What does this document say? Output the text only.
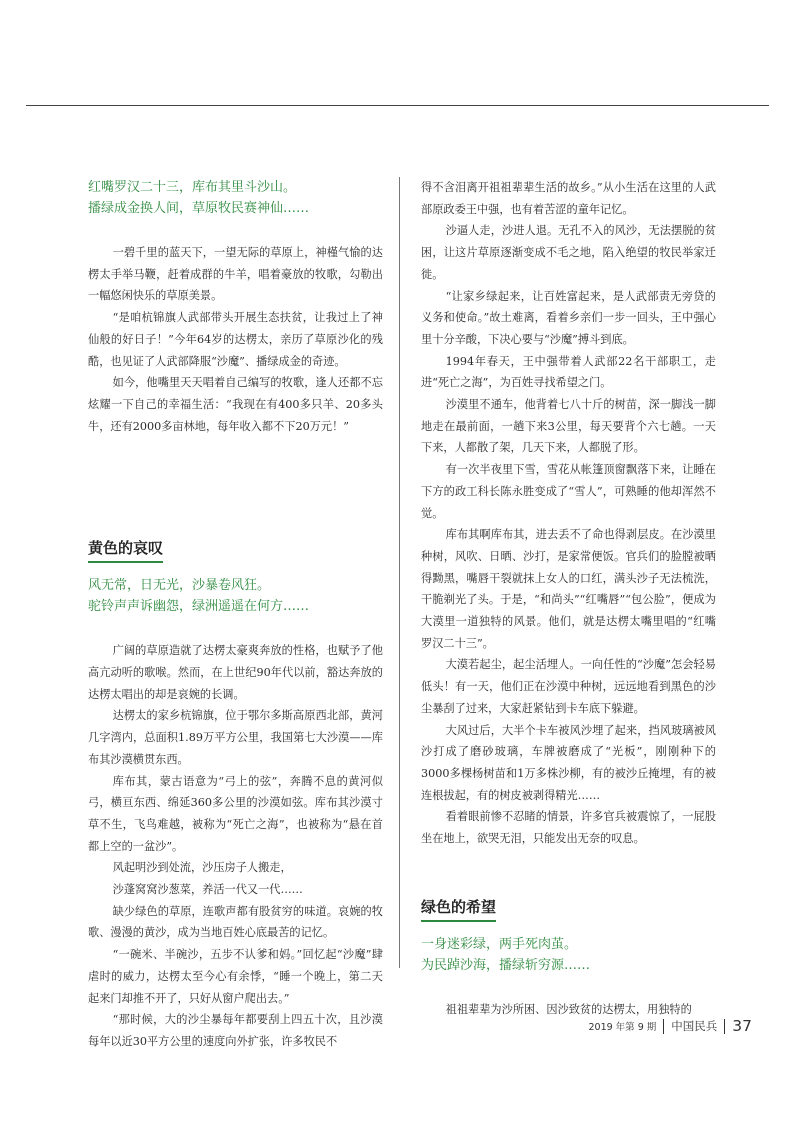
红嘴罗汉二十三，库布其里斗沙山。

播绿成金换人间，草原牧民赛神仙……

一碧千里的蓝天下，一望无际的草原上，神槿气愉的达楞太手举马鞭，赶着成群的牛羊，唱着豪放的牧歌，勾勒出一幅悠闲快乐的草原美景。

“是咱杭锦旗人武部带头开展生态扶贫，让我过上了神仙般的好日子！”今年64岁的达楞太，亲历了草原沙化的残酷，也见证了人武部降服“沙魔”、播绿成金的奇迹。

如今，他嘴里天天唱着自己编写的牧歌，逢人还都不忘炫耀一下自己的幸福生活：“我现在有400多只羊、20多头牛，还有2000多亩林地，每年收入都不下20万元！”

黄色的哀叹

风无常，日无光，沙暴卷风狂。

驼铃声声诉幽怨，绿洲遥遥在何方……

广阔的草原造就了达楞太豪爽奔放的性格，也赋予了他高亢动听的歌喉。然而，在上世纪90年代以前，豁达奔放的达楞太唱出的却是哀婉的长调。

达楞太的家乡杭锦旗，位于鄂尔多斯高原西北部，黄河几字湾内，总面积1.89万平方公里，我国第七大沙漠——库布其沙漠横贯东西。

库布其，蒙古语意为“弓上的弦”，奔腾不息的黄河似弓，横亘东西、绵延360多公里的沙漠如弦。库布其沙漠寸草不生，飞鸟难越，被称为“死亡之海”，也被称为“悬在首都上空的一盆沙”。

风起明沙到处流，沙压房子人搬走，

沙蓬窝窝沙葱菜，养活一代又一代……

缺少绿色的草原，连歌声都有股贫穷的味道。哀婉的牧歌、漫漫的黄沙，成为当地百姓心底最苦的记忆。

“一碗米、半碗沙，五步不认爹和妈。”回忆起“沙魔”肆虐时的威力，达楞太至今心有余悸，“睡一个晚上，第二天起来门却推不开了，只好从窗户爬出去。”

“那时候，大的沙尘暴每年都要刮上四五十次，且沙漠每年以近30平方公里的速度向外扩张，许多牧民不

得不含泪离开祖祖辈辈生活的故乡。”从小生活在这里的人武部原政委王中强，也有着苦涩的童年记忆。

沙逼人走，沙进人退。无孔不入的风沙，无法摆脱的贫困，让这片草原逐渐变成不毛之地，陷入绝望的牧民举家迁徙。

“让家乡绿起来，让百姓富起来，是人武部责无旁贷的义务和使命。”故土难离，看着乡亲们一步一回头，王中强心里十分辛酸，下决心要与“沙魔”搏斗到底。

1994年春天，王中强带着人武部22名干部职工，走进“死亡之海”，为百姓寻找希望之门。

沙漠里不通车，他背着七八十斤的树苗，深一脚浅一脚地走在最前面，一趟下来3公里，每天要背个六七趟。一天下来，人都散了架，几天下来，人都脱了形。

有一次半夜里下雪，雪花从帐篷顶窗飘落下来，让睡在下方的政工科长陈永胜变成了“雪人”，可熟睡的他却浑然不觉。

库布其啊库布其，进去丢不了命也得剥层皮。在沙漠里种树，风吹、日晒、沙打，是家常便饭。官兵们的脸膛被晒得黝黑，嘴唇干裂就抹上女人的口红，满头沙子无法梳洗，干脆剃光了头。于是，“和尚头”“红嘴唇”“包公脸”，便成为大漠里一道独特的风景。他们，就是达楞太嘴里唱的“红嘴罗汉二十三”。

大漠若起尘，起尘活埋人。一向任性的“沙魔”怎会轻易低头！有一天，他们正在沙漠中种树，远远地看到黑色的沙尘暴刮了过来，大家赶紧钻到卡车底下躲避。

大风过后，大半个卡车被风沙埋了起来，挡风玻璃被风沙打成了磨砂玻璃，车牌被磨成了“光板”，刚刚种下的3000多棵杨树苗和1万多株沙柳，有的被沙丘掩埋，有的被连根拔起，有的树皮被剥得精光……

看着眼前惨不忍睹的情景，许多官兵被震惊了，一屁股坐在地上，欲哭无泪，只能发出无奈的叹息。

绿色的希望

一身迷彩绿，两手死肉茧。

为民踔沙海，播绿斩穷源……

祖祖辈辈为沙所困、因沙致贫的达楞太，用独特的

2019 年第 9 期 中国民兵 37
